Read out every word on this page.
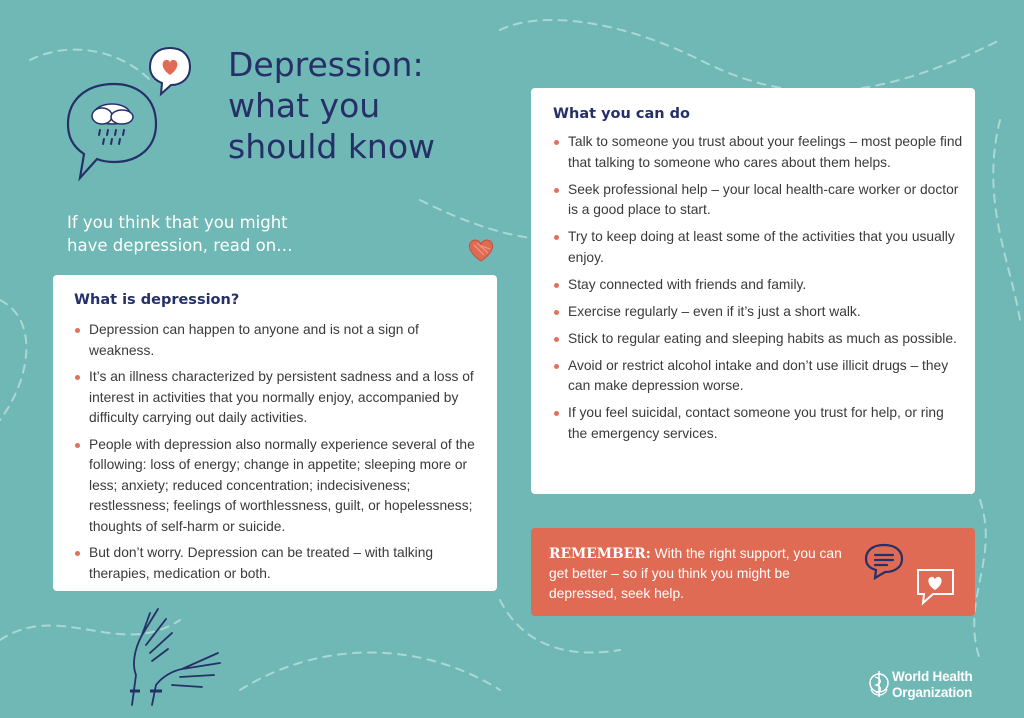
Depression:
what you
should know
If you think that you might
have depression, read on…
What is depression?
Depression can happen to anyone and is not a sign of weakness.
It’s an illness characterized by persistent sadness and a loss of interest in activities that you normally enjoy, accompanied by difficulty carrying out daily activities.
People with depression also normally experience several of the following: loss of energy; change in appetite; sleeping more or less; anxiety; reduced concentration; indecisiveness; restlessness; feelings of worthlessness, guilt, or hopelessness; thoughts of self-harm or suicide.
But don’t worry. Depression can be treated – with talking therapies, medication or both.
What you can do
Talk to someone you trust about your feelings – most people find that talking to someone who cares about them helps.
Seek professional help – your local health-care worker or doctor is a good place to start.
Try to keep doing at least some of the activities that you usually enjoy.
Stay connected with friends and family.
Exercise regularly – even if it’s just a short walk.
Stick to regular eating and sleeping habits as much as possible.
Avoid or restrict alcohol intake and don’t use illicit drugs – they can make depression worse.
If you feel suicidal, contact someone you trust for help, or ring the emergency services.
REMEMBER: With the right support, you can get better – so if you think you might be depressed, seek help.
World Health
Organization
